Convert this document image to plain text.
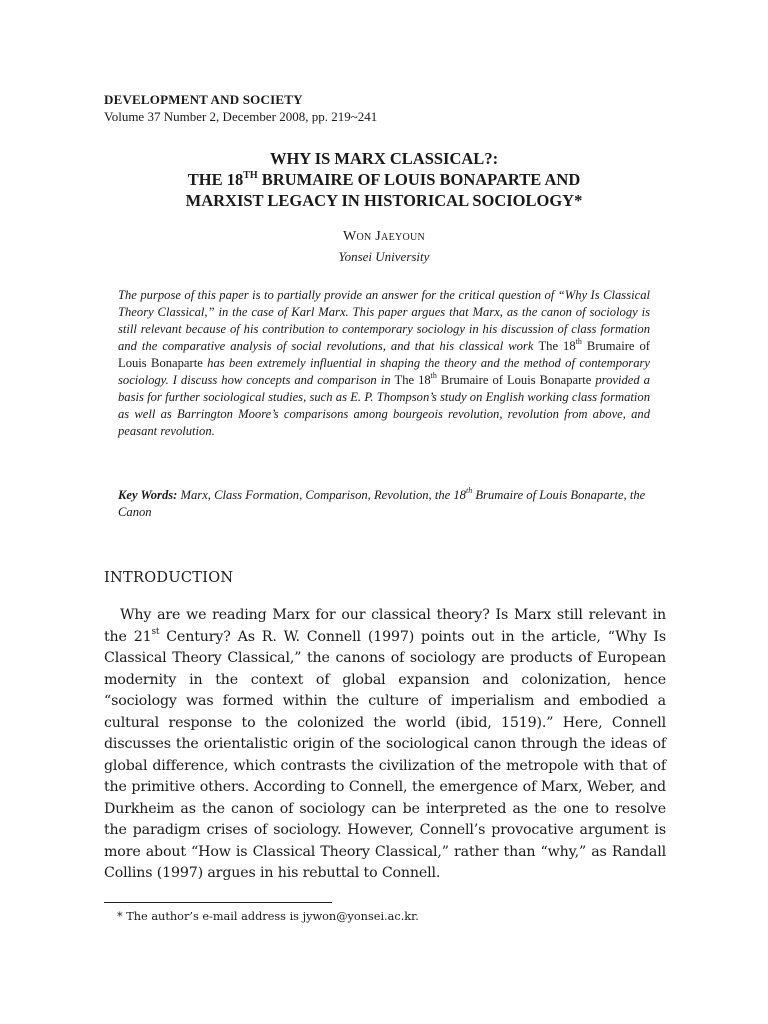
DEVELOPMENT AND SOCIETY
Volume 37 Number 2, December 2008, pp. 219~241
WHY IS MARX CLASSICAL?:
THE 18TH BRUMAIRE OF LOUIS BONAPARTE AND
MARXIST LEGACY IN HISTORICAL SOCIOLOGY*
Won Jaeyoun
Yonsei University

The purpose of this paper is to partially provide an answer for the critical question of “Why Is Classical Theory Classical,” in the case of Karl Marx. This paper argues that Marx, as the canon of sociology is still relevant because of his contribution to contemporary sociology in his discussion of class formation and the comparative analysis of social revolutions, and that his classical work The 18th Brumaire of Louis Bonaparte has been extremely influential in shaping the theory and the method of contemporary sociology. I discuss how concepts and comparison in The 18th Brumaire of Louis Bonaparte provided a basis for further sociological studies, such as E. P. Thompson’s study on English working class formation as well as Barrington Moore’s comparisons among bourgeois revolution, revolution from above, and peasant revolution.

Key Words: Marx, Class Formation, Comparison, Revolution, the 18th Brumaire of Louis Bonaparte, the Canon

INTRODUCTION

Why are we reading Marx for our classical theory? Is Marx still relevant in the 21st Century? As R. W. Connell (1997) points out in the article, “Why Is Classical Theory Classical,” the canons of sociology are products of European modernity in the context of global expansion and colonization, hence “sociology was formed within the culture of imperialism and embodied a cultural response to the colonized the world (ibid, 1519).” Here, Connell discusses the orientalistic origin of the sociological canon through the ideas of global difference, which contrasts the civilization of the metropole with that of the primitive others. According to Connell, the emergence of Marx, Weber, and Durkheim as the canon of sociology can be interpreted as the one to resolve the paradigm crises of sociology. However, Connell’s provocative argument is more about “How is Classical Theory Classical,” rather than “why,” as Randall Collins (1997) argues in his rebuttal to Connell.

* The author’s e-mail address is jywon@yonsei.ac.kr.
